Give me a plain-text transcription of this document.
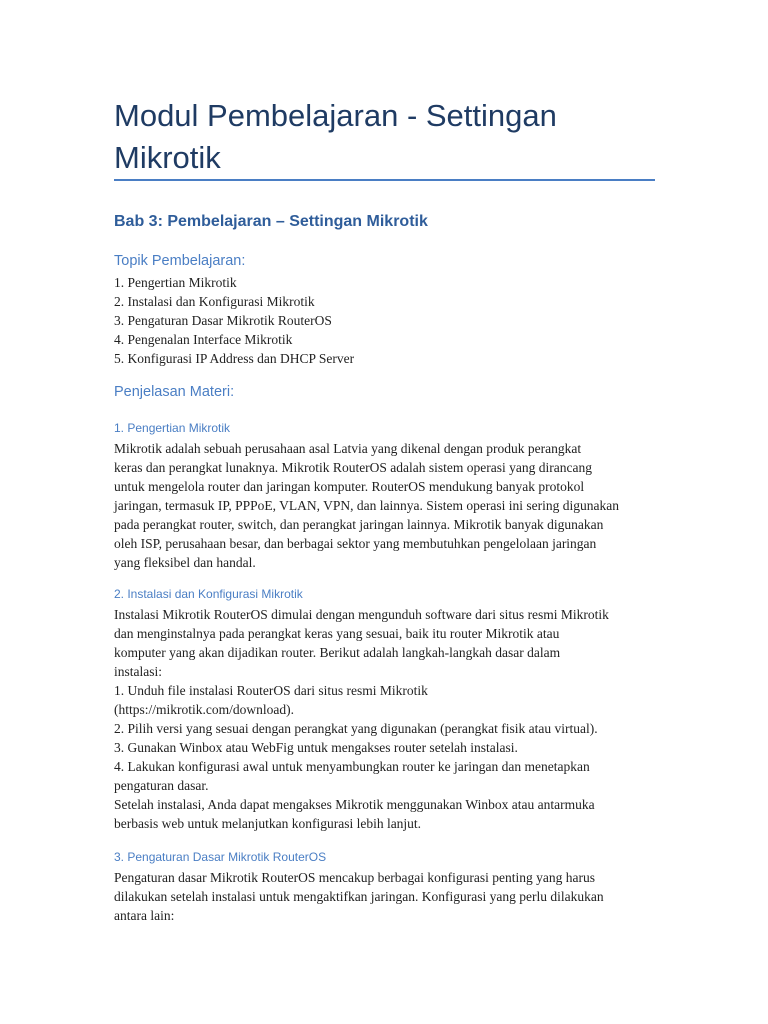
Modul Pembelajaran - Settingan Mikrotik
Bab 3: Pembelajaran – Settingan Mikrotik
Topik Pembelajaran:
1. Pengertian Mikrotik
2. Instalasi dan Konfigurasi Mikrotik
3. Pengaturan Dasar Mikrotik RouterOS
4. Pengenalan Interface Mikrotik
5. Konfigurasi IP Address dan DHCP Server
Penjelasan Materi:
1. Pengertian Mikrotik

Mikrotik adalah sebuah perusahaan asal Latvia yang dikenal dengan produk perangkat
keras dan perangkat lunaknya. Mikrotik RouterOS adalah sistem operasi yang dirancang
untuk mengelola router dan jaringan komputer. RouterOS mendukung banyak protokol
jaringan, termasuk IP, PPPoE, VLAN, VPN, dan lainnya. Sistem operasi ini sering digunakan
pada perangkat router, switch, dan perangkat jaringan lainnya. Mikrotik banyak digunakan
oleh ISP, perusahaan besar, dan berbagai sektor yang membutuhkan pengelolaan jaringan
yang fleksibel dan handal.

2. Instalasi dan Konfigurasi Mikrotik

Instalasi Mikrotik RouterOS dimulai dengan mengunduh software dari situs resmi Mikrotik
dan menginstalnya pada perangkat keras yang sesuai, baik itu router Mikrotik atau
komputer yang akan dijadikan router. Berikut adalah langkah-langkah dasar dalam
instalasi:
1. Unduh file instalasi RouterOS dari situs resmi Mikrotik
(https://mikrotik.com/download).
2. Pilih versi yang sesuai dengan perangkat yang digunakan (perangkat fisik atau virtual).
3. Gunakan Winbox atau WebFig untuk mengakses router setelah instalasi.
4. Lakukan konfigurasi awal untuk menyambungkan router ke jaringan dan menetapkan
pengaturan dasar.
Setelah instalasi, Anda dapat mengakses Mikrotik menggunakan Winbox atau antarmuka
berbasis web untuk melanjutkan konfigurasi lebih lanjut.

3. Pengaturan Dasar Mikrotik RouterOS

Pengaturan dasar Mikrotik RouterOS mencakup berbagai konfigurasi penting yang harus
dilakukan setelah instalasi untuk mengaktifkan jaringan. Konfigurasi yang perlu dilakukan
antara lain:
